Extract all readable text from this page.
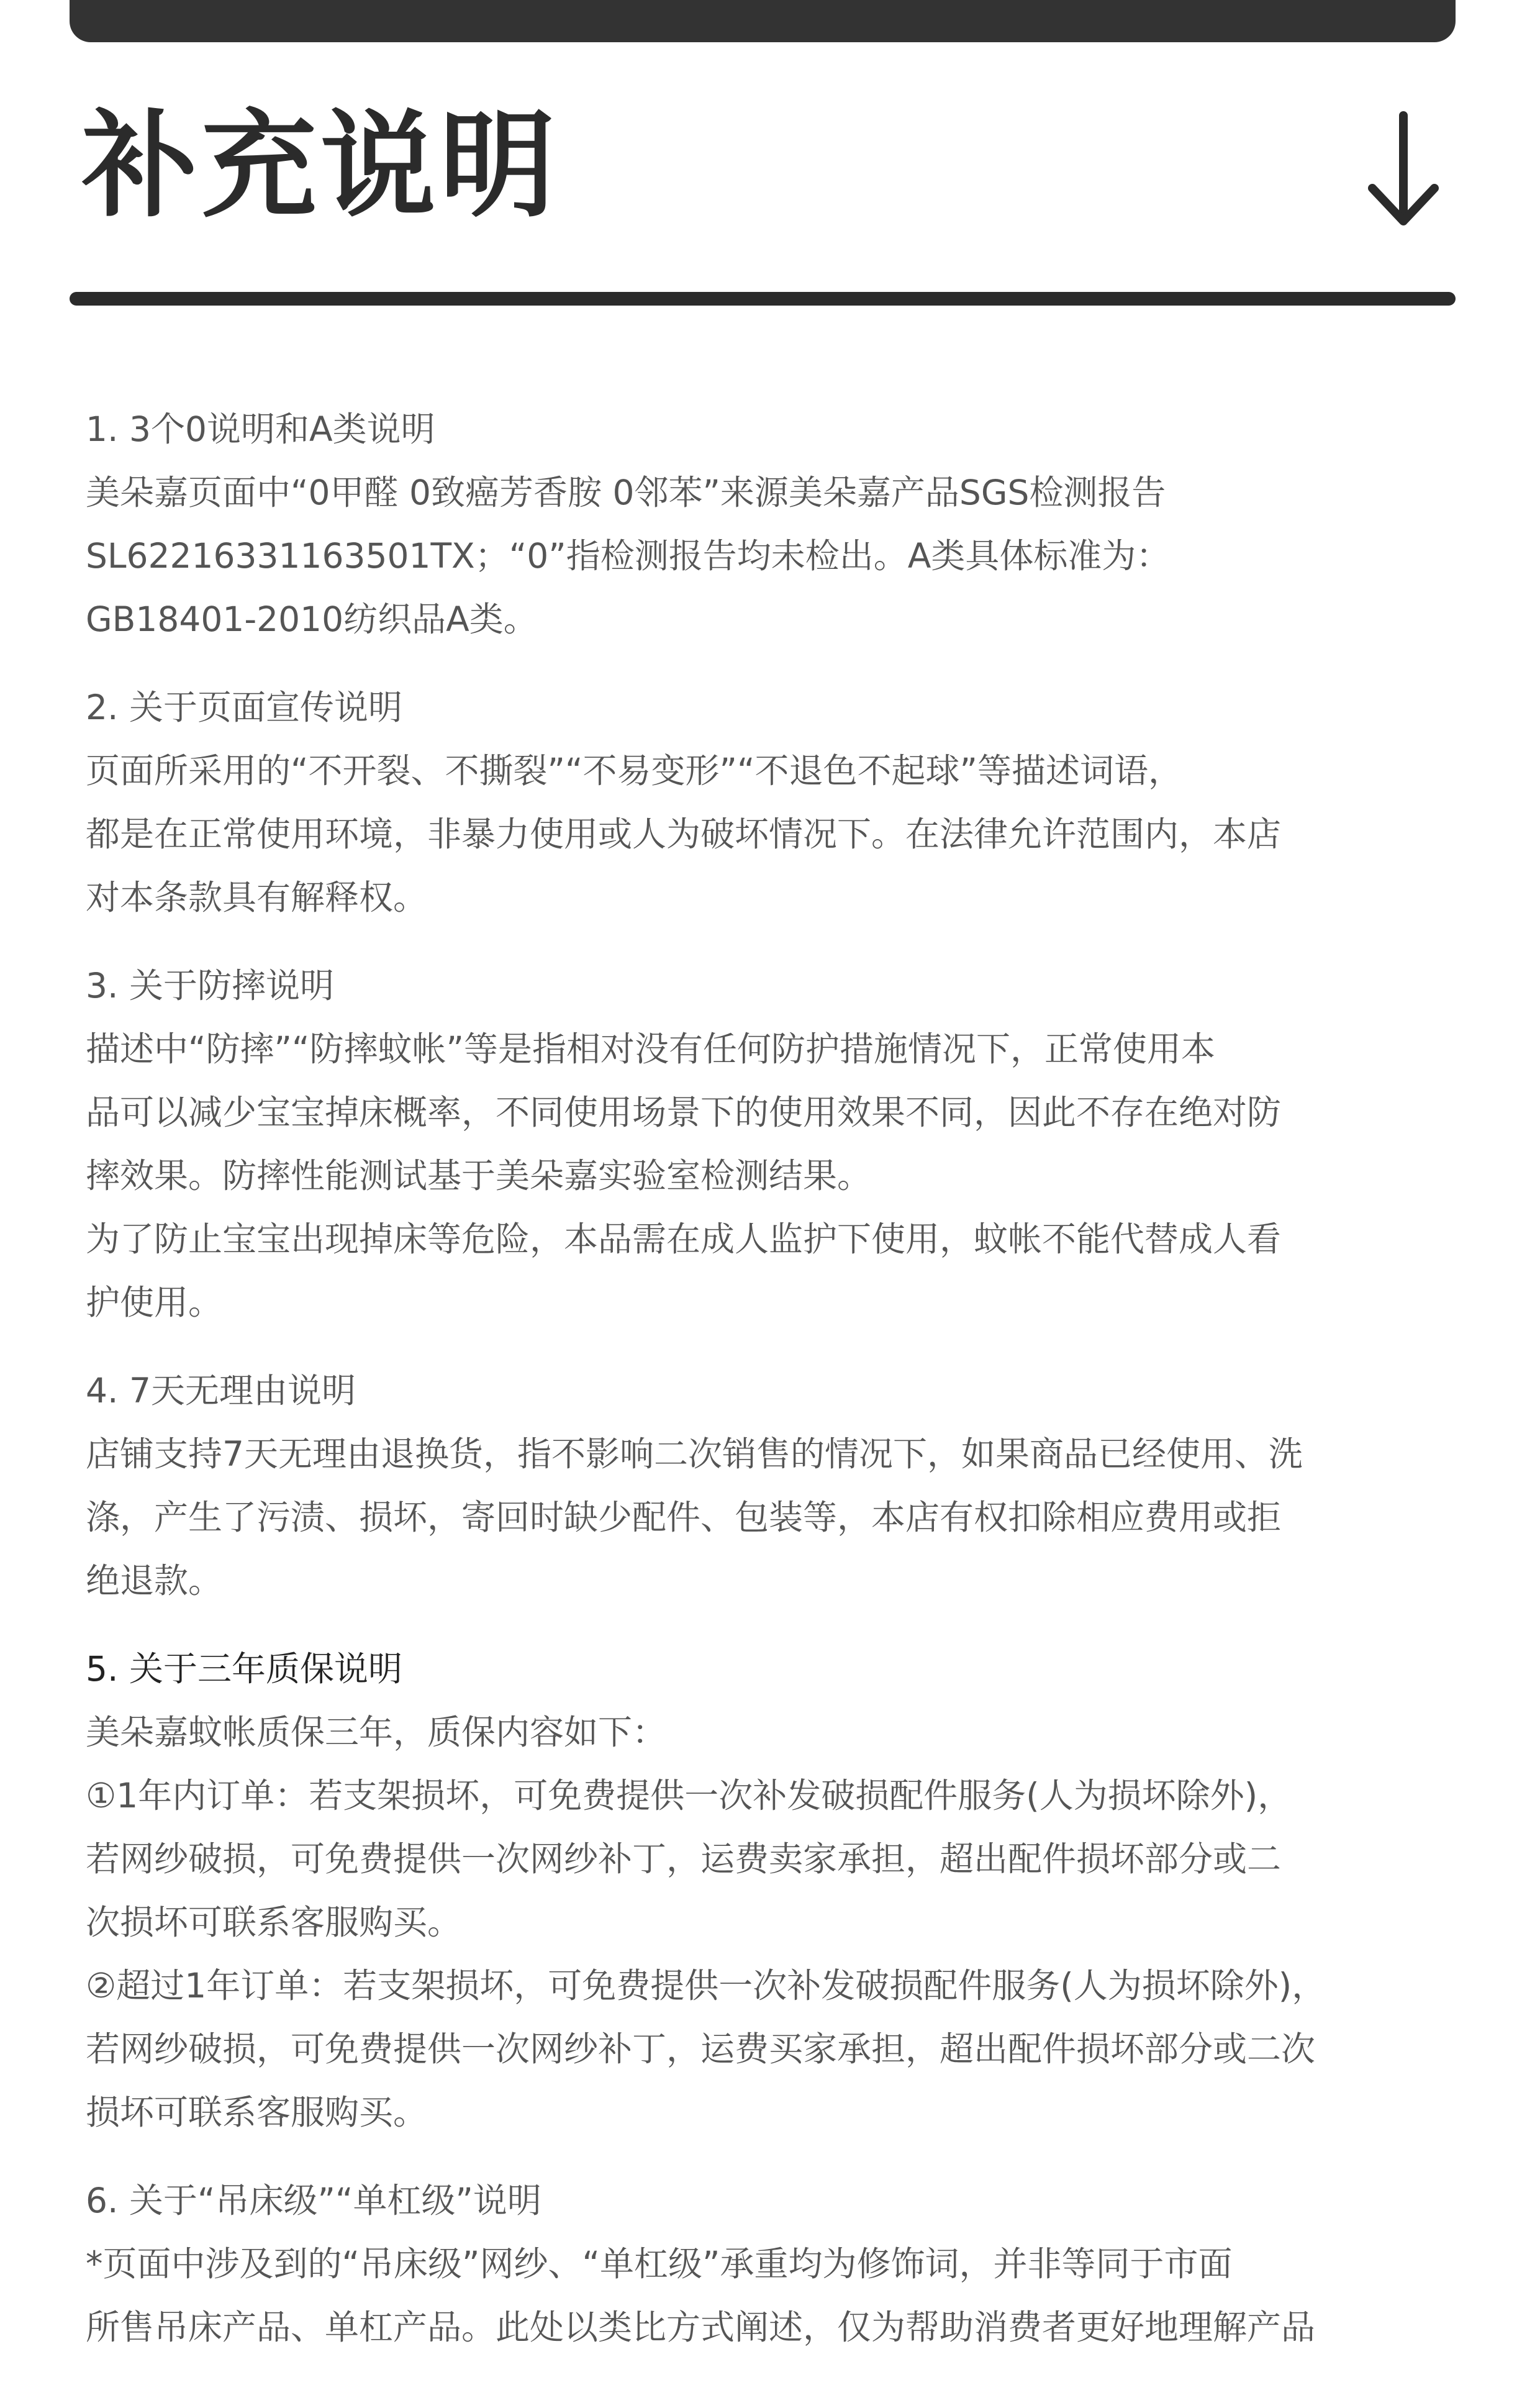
补充说明
1. 3个0说明和A类说明
美朵嘉页面中“0甲醛 0致癌芳香胺 0邻苯”来源美朵嘉产品SGS检测报告
SL62216331163501TX；“0”指检测报告均未检出。A类具体标准为：
GB18401-2010纺织品A类。
2. 关于页面宣传说明
页面所采用的“不开裂、不撕裂”“不易变形”“不退色不起球”等描述词语，
都是在正常使用环境，非暴力使用或人为破坏情况下。在法律允许范围内，本店
对本条款具有解释权。
3. 关于防摔说明
描述中“防摔”“防摔蚊帐”等是指相对没有任何防护措施情况下，正常使用本
品可以减少宝宝掉床概率，不同使用场景下的使用效果不同，因此不存在绝对防
摔效果。防摔性能测试基于美朵嘉实验室检测结果。
为了防止宝宝出现掉床等危险，本品需在成人监护下使用，蚊帐不能代替成人看
护使用。
4. 7天无理由说明
店铺支持7天无理由退换货，指不影响二次销售的情况下，如果商品已经使用、洗
涤，产生了污渍、损坏，寄回时缺少配件、包装等，本店有权扣除相应费用或拒
绝退款。
5. 关于三年质保说明
美朵嘉蚊帐质保三年，质保内容如下：
①1年内订单：若支架损坏，可免费提供一次补发破损配件服务(人为损坏除外)，
若网纱破损，可免费提供一次网纱补丁，运费卖家承担，超出配件损坏部分或二
次损坏可联系客服购买。
②超过1年订单：若支架损坏，可免费提供一次补发破损配件服务(人为损坏除外)，
若网纱破损，可免费提供一次网纱补丁，运费买家承担，超出配件损坏部分或二次
损坏可联系客服购买。
6. 关于“吊床级”“单杠级”说明
*页面中涉及到的“吊床级”网纱、“单杠级”承重均为修饰词，并非等同于市面
所售吊床产品、单杠产品。此处以类比方式阐述，仅为帮助消费者更好地理解产品
